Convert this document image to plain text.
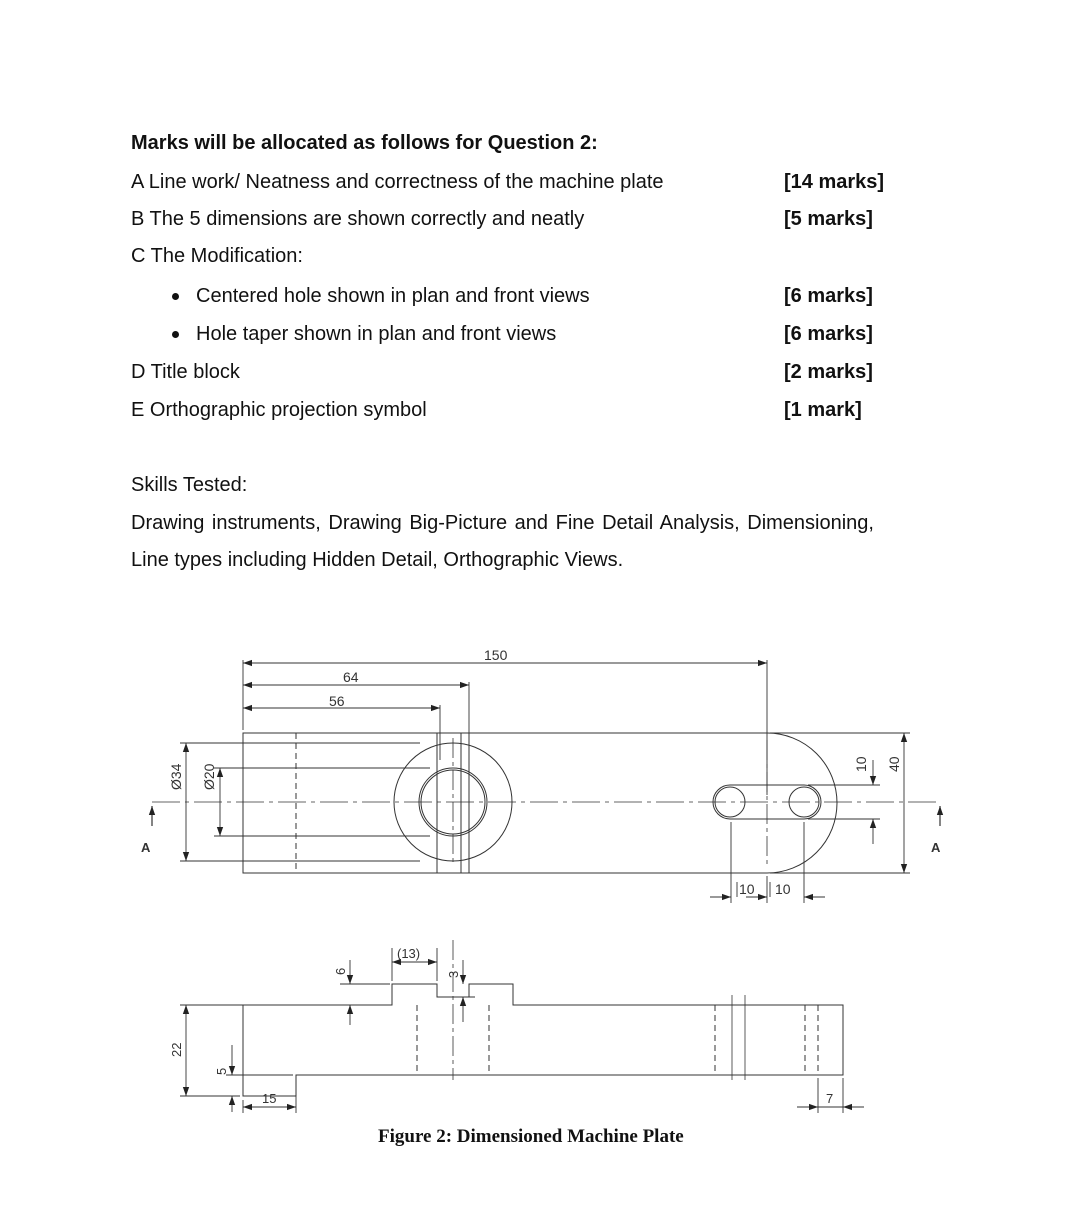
Marks will be allocated as follows for Question 2:
A Line work/ Neatness and correctness of the machine plate	[14 marks]
B The 5 dimensions are shown correctly and neatly	[5 marks]
C The Modification:
Centered hole shown in plan and front views	[6 marks]
Hole taper shown in plan and front views	[6 marks]
D Title block	[2 marks]
E Orthographic projection symbol	[1 mark]
Skills Tested:
Drawing instruments, Drawing Big-Picture and Fine Detail Analysis, Dimensioning,
Line types including Hidden Detail, Orthographic Views.
150
64
56
Ø34 Ø20
10 10
10 40
A	A
22
5
15
6
(13)
3
7
Figure 2: Dimensioned Machine Plate
